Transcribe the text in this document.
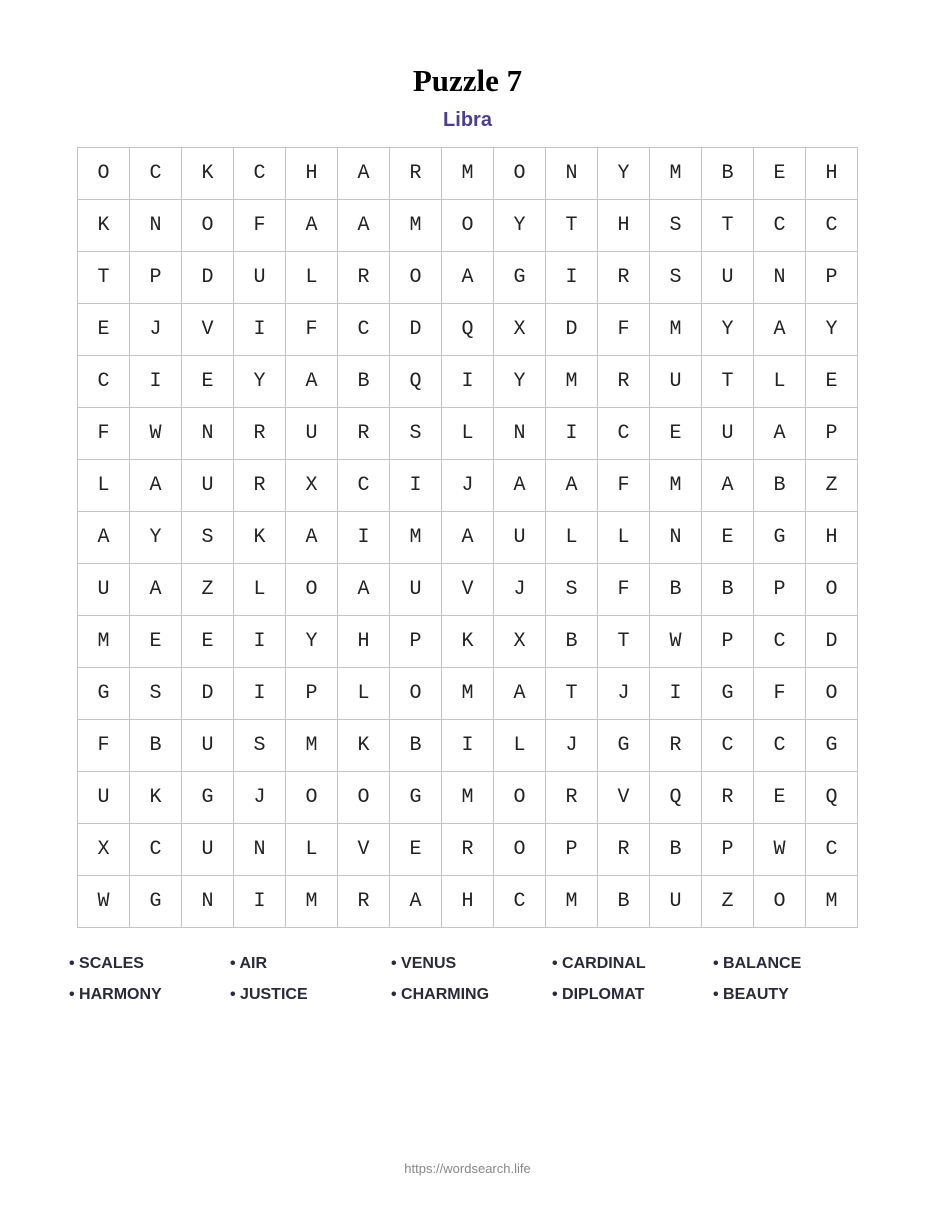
Puzzle 7
Libra
O	C	K	C	H	A	R	M	O	N	Y	M	B	E	H
K	N	O	F	A	A	M	O	Y	T	H	S	T	C	C
T	P	D	U	L	R	O	A	G	I	R	S	U	N	P
E	J	V	I	F	C	D	Q	X	D	F	M	Y	A	Y
C	I	E	Y	A	B	Q	I	Y	M	R	U	T	L	E
F	W	N	R	U	R	S	L	N	I	C	E	U	A	P
L	A	U	R	X	C	I	J	A	A	F	M	A	B	Z
A	Y	S	K	A	I	M	A	U	L	L	N	E	G	H
U	A	Z	L	O	A	U	V	J	S	F	B	B	P	O
M	E	E	I	Y	H	P	K	X	B	T	W	P	C	D
G	S	D	I	P	L	O	M	A	T	J	I	G	F	O
F	B	U	S	M	K	B	I	L	J	G	R	C	C	G
U	K	G	J	O	O	G	M	O	R	V	Q	R	E	Q
X	C	U	N	L	V	E	R	O	P	R	B	P	W	C
W	G	N	I	M	R	A	H	C	M	B	U	Z	O	M
• SCALES	• AIR	• VENUS	• CARDINAL	• BALANCE
• HARMONY	• JUSTICE	• CHARMING	• DIPLOMAT	• BEAUTY
https://wordsearch.life
